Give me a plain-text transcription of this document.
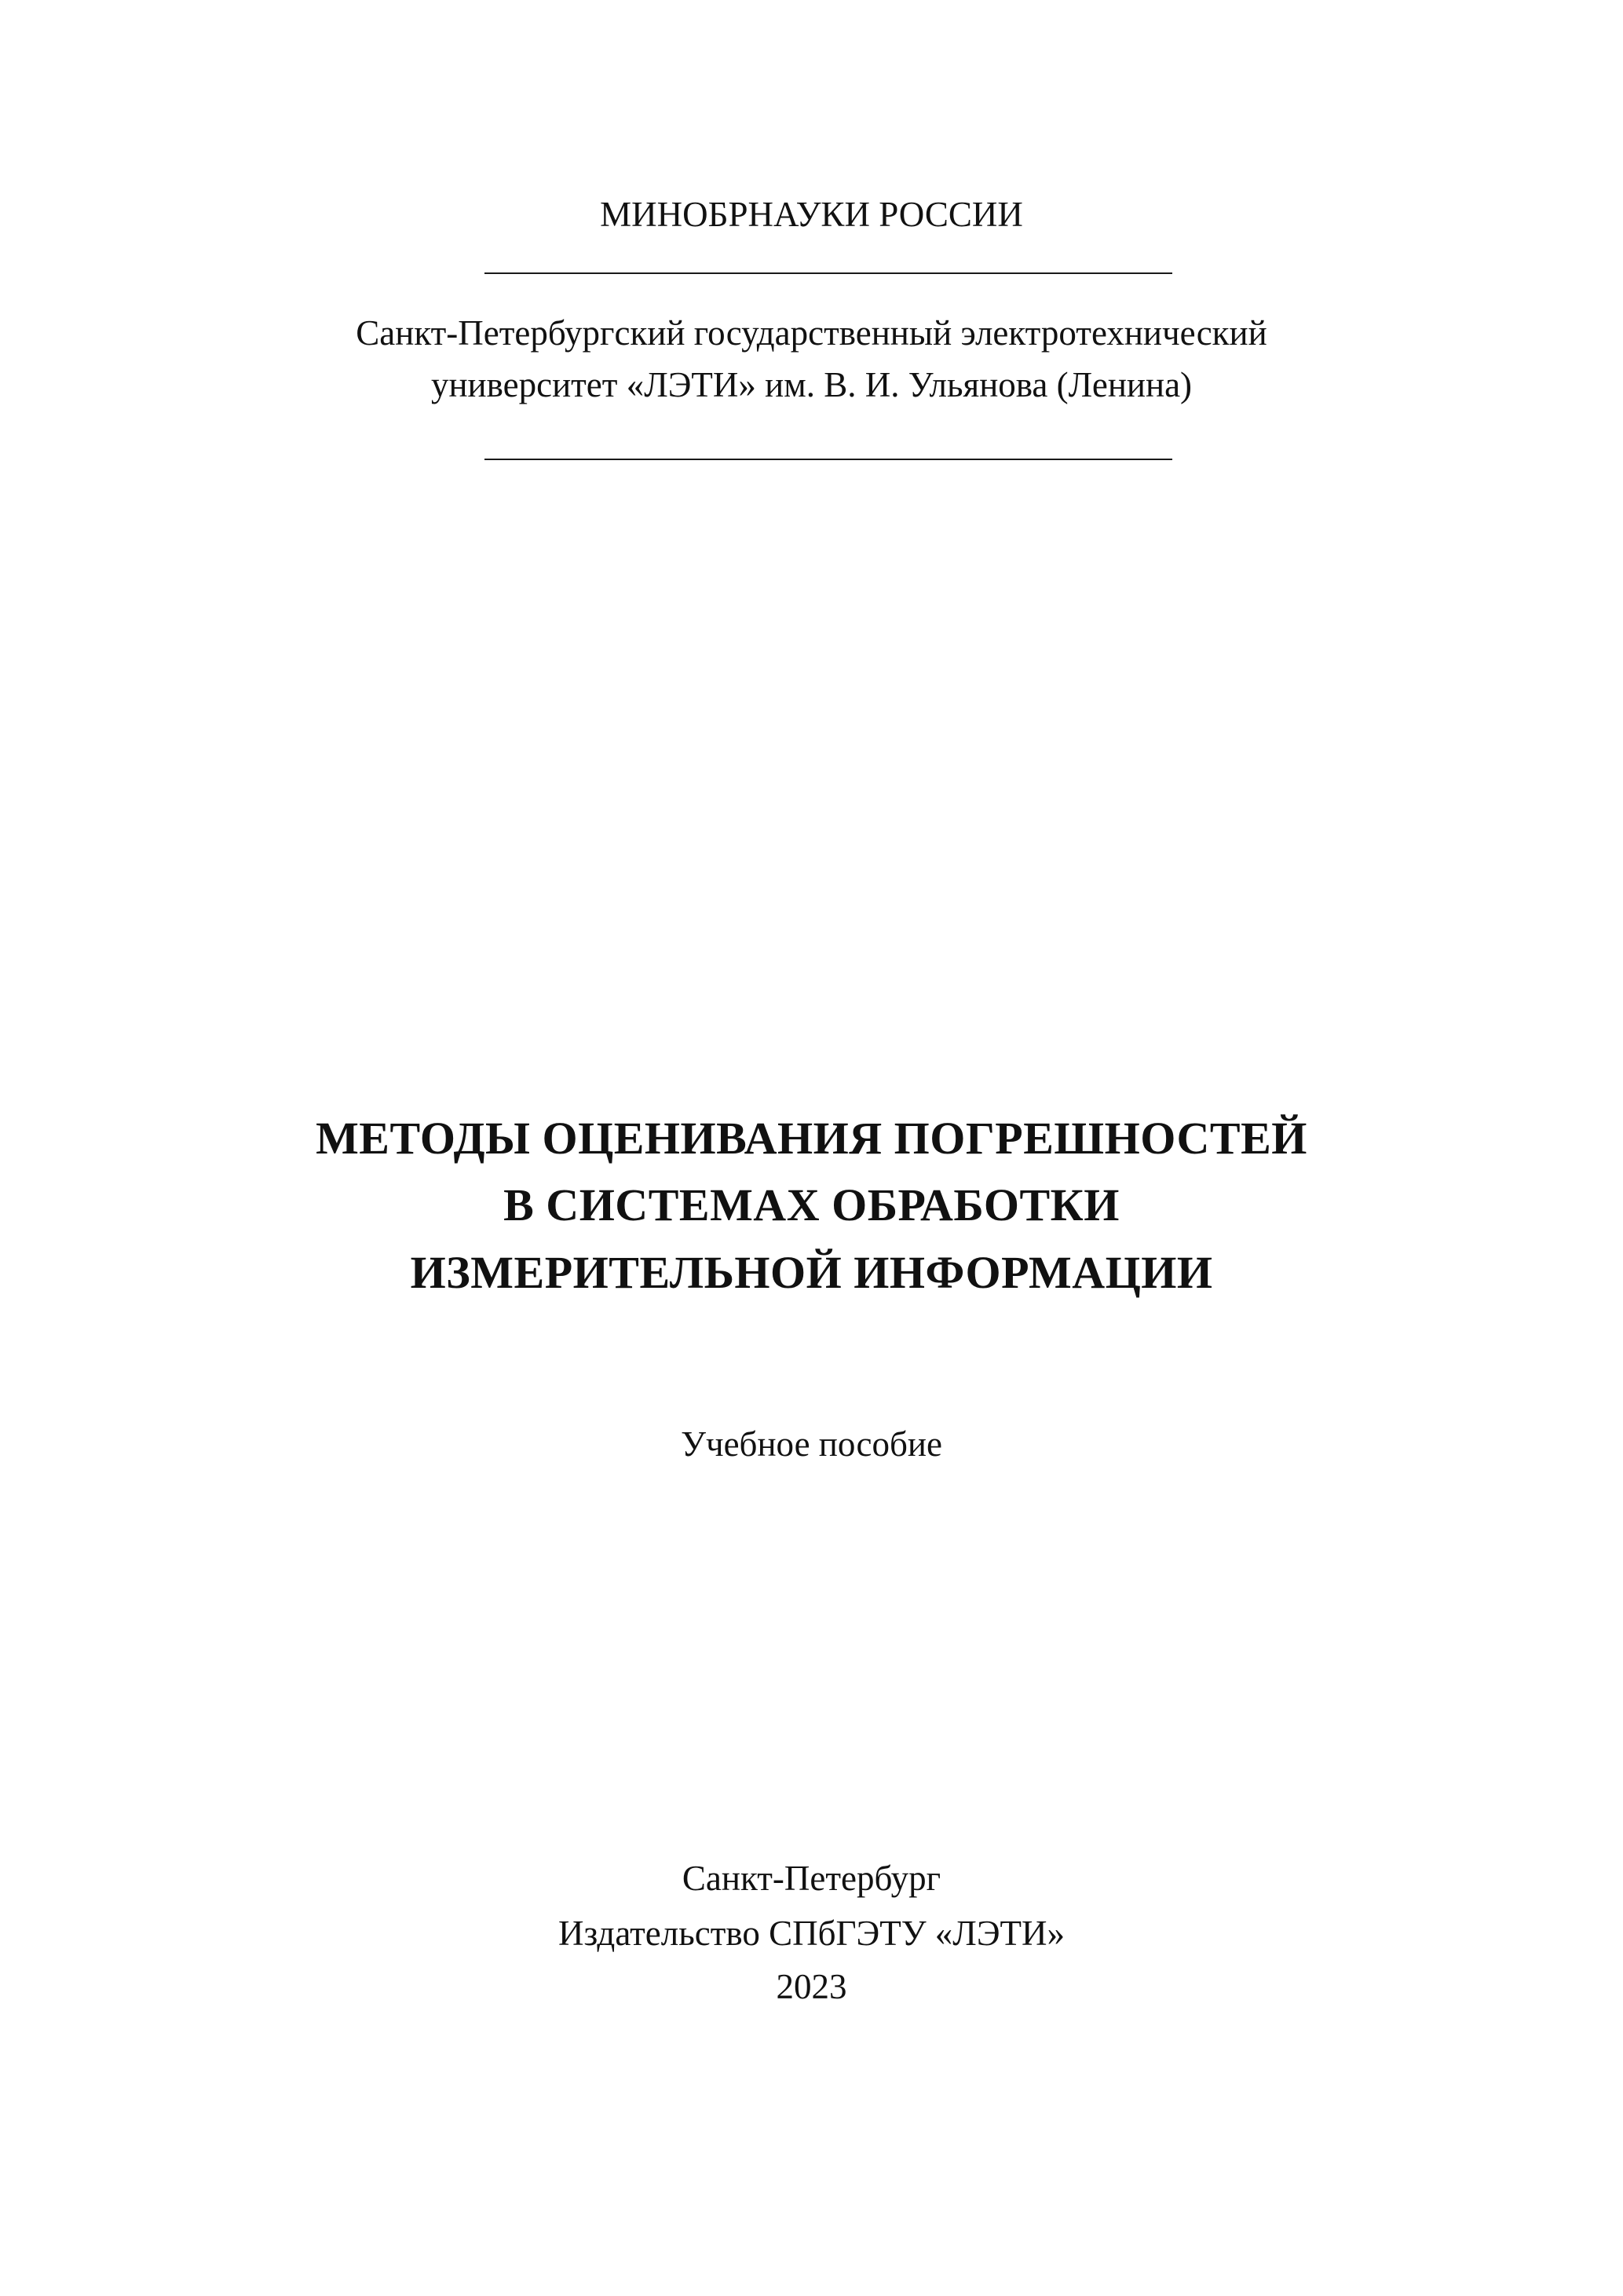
МИНОБРНАУКИ РОССИИ
Санкт-Петербургский государственный электротехнический
университет «ЛЭТИ» им. В. И. Ульянова (Ленина)
МЕТОДЫ ОЦЕНИВАНИЯ ПОГРЕШНОСТЕЙ
В СИСТЕМАХ ОБРАБОТКИ
ИЗМЕРИТЕЛЬНОЙ ИНФОРМАЦИИ
Учебное пособие
Санкт-Петербург
Издательство СПбГЭТУ «ЛЭТИ»
2023
